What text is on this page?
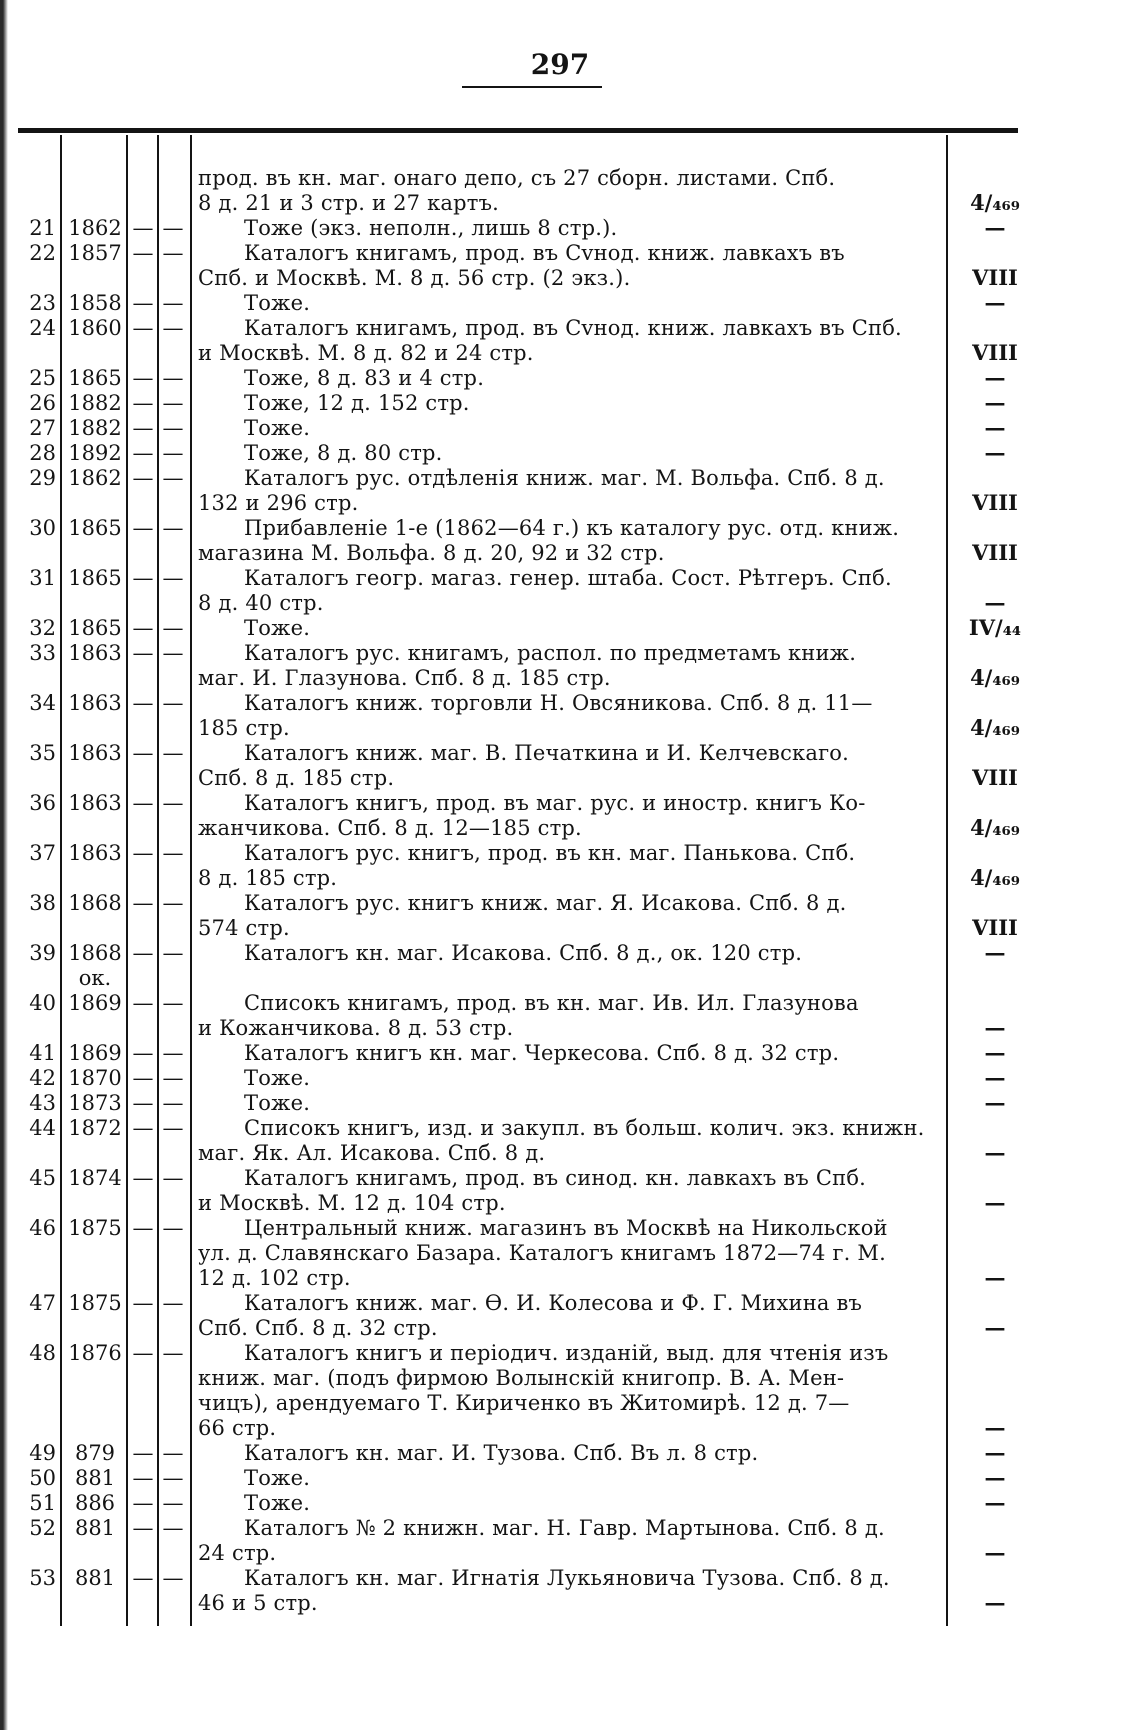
297
прод. въ кн. маг. онаго депо, съ 27 сборн. листами. Спб.
8 д. 21 и 3 стр. и 27 картъ.	4/₄₆₉
21 1862 — —	Тоже (экз. неполн., лишь 8 стр.).	—
22 1857 — —	Каталогъ книгамъ, прод. въ Сvнод. книж. лавкахъ въ
Спб. и Москвѣ. М. 8 д. 56 стр. (2 экз.).	VIII
23 1858 — —	Тоже.	—
24 1860 — —	Каталогъ книгамъ, прод. въ Сvнод. книж. лавкахъ въ Спб.
и Москвѣ. М. 8 д. 82 и 24 стр.	VIII
25 1865 — —	Тоже, 8 д. 83 и 4 стр.	—
26 1882 — —	Тоже, 12 д. 152 стр.	—
27 1882 — —	Тоже.	—
28 1892 — —	Тоже, 8 д. 80 стр.	—
29 1862 — —	Каталогъ рус. отдѣленія книж. маг. М. Вольфа. Спб. 8 д.
132 и 296 стр.	VIII
30 1865 — —	Прибавленіе 1-е (1862—64 г.) къ каталогу рус. отд. книж.
магазина М. Вольфа. 8 д. 20, 92 и 32 стр.	VIII
31 1865 — —	Каталогъ геогр. магаз. генер. штаба. Сост. Рѣтгеръ. Спб.
8 д. 40 стр.	—
32 1865 — —	Тоже.	IV/₄₄
33 1863 — —	Каталогъ рус. книгамъ, распол. по предметамъ книж.
маг. И. Глазунова. Спб. 8 д. 185 стр.	4/₄₆₉
34 1863 — —	Каталогъ книж. торговли Н. Овсяникова. Спб. 8 д. 11—
185 стр.	4/₄₆₉
35 1863 — —	Каталогъ книж. маг. В. Печаткина и И. Келчевскаго.
Спб. 8 д. 185 стр.	VIII
36 1863 — —	Каталогъ книгъ, прод. въ маг. рус. и иностр. книгъ Ко-
жанчикова. Спб. 8 д. 12—185 стр.	4/₄₆₉
37 1863 — —	Каталогъ рус. книгъ, прод. въ кн. маг. Паньковa. Спб.
8 д. 185 стр.	4/₄₆₉
38 1868 — —	Каталогъ рус. книгъ книж. маг. Я. Исакова. Спб. 8 д.
574 стр.	VIII
39 1868 — —	Каталогъ кн. маг. Исакова. Спб. 8 д., ок. 120 стр.	—
ок.
40 1869 — —	Списокъ книгамъ, прод. въ кн. маг. Ив. Ил. Глазунова
и Кожанчикова. 8 д. 53 стр.	—
41 1869 — —	Каталогъ книгъ кн. маг. Черкесова. Спб. 8 д. 32 стр.	—
42 1870 — —	Тоже.	—
43 1873 — —	Тоже.	—
44 1872 — —	Списокъ книгъ, изд. и закупл. въ больш. колич. экз. книжн.
маг. Як. Ал. Исакова. Спб. 8 д.	—
45 1874 — —	Каталогъ книгамъ, прод. въ синод. кн. лавкахъ въ Спб.
и Москвѣ. М. 12 д. 104 стр.	—
46 1875 — —	Центральный книж. магазинъ въ Москвѣ на Никольской
ул. д. Славянскаго Базара. Каталогъ книгамъ 1872—74 г. М.
12 д. 102 стр.	—
47 1875 — —	Каталогъ книж. маг. Ѳ. И. Колесова и Ф. Г. Михина въ
Спб. Спб. 8 д. 32 стр.	—
48 1876 — —	Каталогъ книгъ и періодич. изданій, выд. для чтенія изъ
книж. маг. (подъ фирмою Волынскій книгопр. В. А. Мен-
чицъ), арендуемаго Т. Кириченко въ Житомирѣ. 12 д. 7—
66 стр.	—
49 879 — —	Каталогъ кн. маг. И. Тузова. Спб. Въ л. 8 стр.	—
50 881 — —	Тоже.	—
51 886 — —	Тоже.	—
52 881 — —	Каталогъ № 2 книжн. маг. Н. Гавр. Мартынова. Спб. 8 д.
24 стр.	—
53 881 — —	Каталогъ кн. маг. Игнатія Лукьяновича Тузова. Спб. 8 д.
46 и 5 стр.	—
